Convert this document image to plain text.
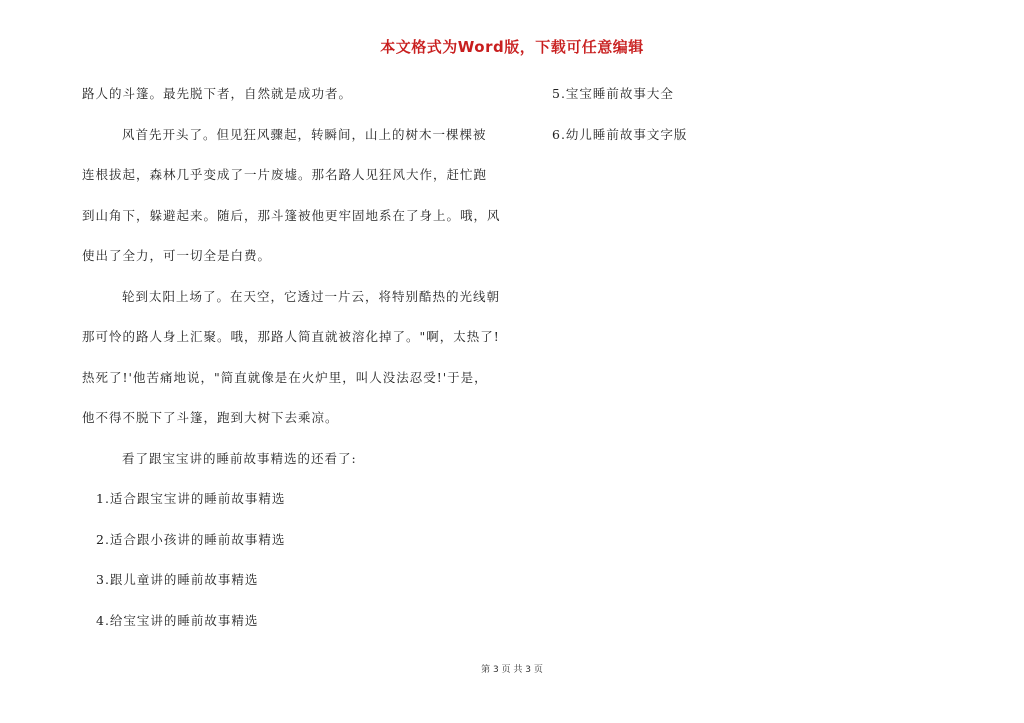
本文格式为Word版，下载可任意编辑
路人的斗篷。最先脱下者，自然就是成功者。
风首先开头了。但见狂风骤起，转瞬间，山上的树木一棵棵被
连根拔起，森林几乎变成了一片废墟。那名路人见狂风大作，赶忙跑
到山角下，躲避起来。随后，那斗篷被他更牢固地系在了身上。哦，风
使出了全力，可一切全是白费。
轮到太阳上场了。在天空，它透过一片云，将特别酷热的光线朝
那可怜的路人身上汇聚。哦，那路人简直就被溶化掉了。"啊，太热了!
热死了!'他苦痛地说，"简直就像是在火炉里，叫人没法忍受!'于是，
他不得不脱下了斗篷，跑到大树下去乘凉。
看了跟宝宝讲的睡前故事精选的还看了:
1.适合跟宝宝讲的睡前故事精选
2.适合跟小孩讲的睡前故事精选
3.跟儿童讲的睡前故事精选
4.给宝宝讲的睡前故事精选
5.宝宝睡前故事大全
6.幼儿睡前故事文字版
第 3 页 共 3 页
